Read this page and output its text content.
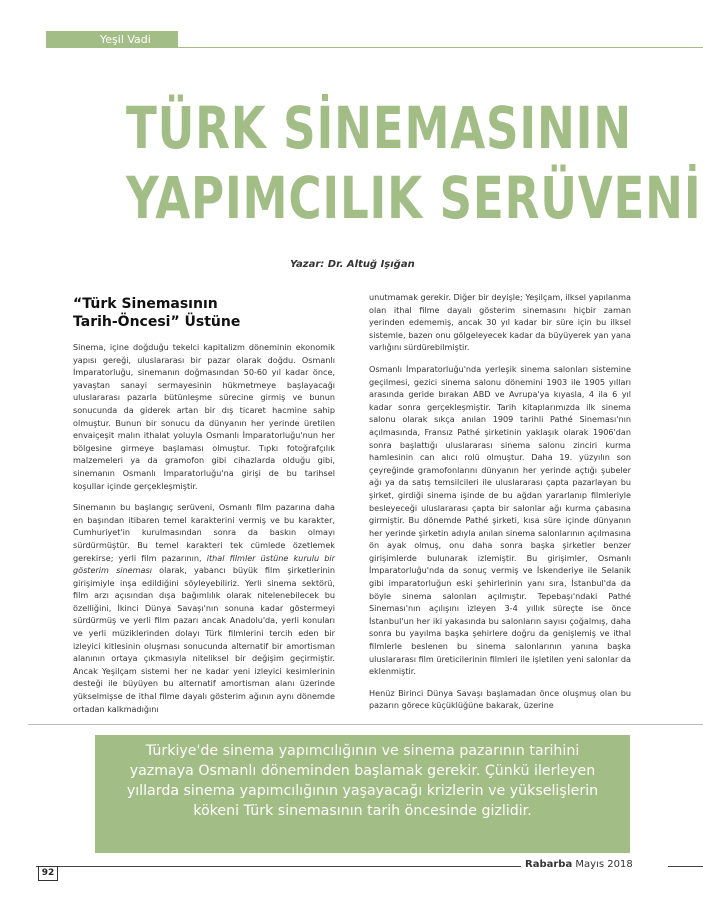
Yeşil Vadi
TÜRK SİNEMASININ
YAPIMCILIK SERÜVENİ
Yazar: Dr. Altuğ Işığan
“Türk Sinemasının
Tarih-Öncesi” Üstüne

Sinema, içine doğduğu tekelci kapitalizm döneminin ekonomik yapısı gereği, uluslararası bir pazar olarak doğdu. Osmanlı İmparatorluğu, sinemanın doğmasından 50-60 yıl kadar önce, yavaştan sanayi sermayesinin hükmetmeye başlayacağı uluslararası pazarla bütünleşme sürecine girmiş ve bunun sonucunda da giderek artan bir dış ticaret hacmine sahip olmuştur. Bunun bir sonucu da dünyanın her yerinde üretilen envaiçeşit malın ithalat yoluyla Osmanlı İmparatorluğu'nun her bölgesine girmeye başlaması olmuştur. Tıpkı fotoğrafçılık malzemeleri ya da gramofon gibi cihazlarda olduğu gibi, sinemanın Osmanlı İmparatorluğu'na girişi de bu tarihsel koşullar içinde gerçekleşmiştir.

Sinemanın bu başlangıç serüveni, Osmanlı film pazarına daha en başından itibaren temel karakterini vermiş ve bu karakter, Cumhuriyet'in kurulmasından sonra da baskın olmayı sürdürmüştür. Bu temel karakteri tek cümlede özetlemek gerekirse; yerli film pazarının, ithal filmler üstüne kurulu bir gösterim sineması olarak, yabancı büyük film şirketlerinin girişimiyle inşa edildiğini söyleyebiliriz. Yerli sinema sektörü, film arzı açısından dışa bağımlılık olarak nitelenebilecek bu özelliğini, İkinci Dünya Savaşı'nın sonuna kadar göstermeyi sürdürmüş ve yerli film pazarı ancak Anadolu'da, yerli konuları ve yerli müziklerinden dolayı Türk filmlerini tercih eden bir izleyici kitlesinin oluşması sonucunda alternatif bir amortisman alanının ortaya çıkmasıyla niteliksel bir değişim geçirmiştir. Ancak Yeşilçam sistemi her ne kadar yeni izleyici kesimlerinin desteği ile büyüyen bu alternatif amortisman alanı üzerinde yükselmişse de ithal filme dayalı gösterim ağının aynı dönemde ortadan kalkmadığını

unutmamak gerekir. Diğer bir deyişle; Yeşilçam, ilksel yapılanma olan ithal filme dayalı gösterim sinemasını hiçbir zaman yerinden edememiş, ancak 30 yıl kadar bir süre için bu ilksel sistemle, bazen onu gölgeleyecek kadar da büyüyerek yan yana varlığını sürdürebilmiştir.

Osmanlı İmparatorluğu'nda yerleşik sinema salonları sistemine geçilmesi, gezici sinema salonu dönemini 1903 ile 1905 yılları arasında geride bırakan ABD ve Avrupa'ya kıyasla, 4 ila 6 yıl kadar sonra gerçekleşmiştir. Tarih kitaplarımızda ilk sinema salonu olarak sıkça anılan 1909 tarihli Pathé Sineması'nın açılmasında, Fransız Pathé şirketinin yaklaşık olarak 1906'dan sonra başlattığı uluslararası sinema salonu zinciri kurma hamlesinin can alıcı rolü olmuştur. Daha 19. yüzyılın son çeyreğinde gramofonlarını dünyanın her yerinde açtığı şubeler ağı ya da satış temsilcileri ile uluslararası çapta pazarlayan bu şirket, girdiği sinema işinde de bu ağdan yararlanıp filmleriyle besleyeceği uluslararası çapta bir salonlar ağı kurma çabasına girmiştir. Bu dönemde Pathé şirketi, kısa süre içinde dünyanın her yerinde şirketin adıyla anılan sinema salonlarının açılmasına ön ayak olmuş, onu daha sonra başka şirketler benzer girişimlerde bulunarak izlemiştir. Bu girişimler, Osmanlı İmparatorluğu'nda da sonuç vermiş ve İskenderiye ile Selanik gibi imparatorluğun eski şehirlerinin yanı sıra, İstanbul'da da böyle sinema salonları açılmıştır. Tepebaşı'ndaki Pathé Sineması'nın açılışını izleyen 3-4 yıllık süreçte ise önce İstanbul'un her iki yakasında bu salonların sayısı çoğalmış, daha sonra bu yayılma başka şehirlere doğru da genişlemiş ve ithal filmlerle beslenen bu sinema salonlarının yanına başka uluslararası film üreticilerinin filmleri ile işletilen yeni salonlar da eklenmiştir.

Henüz Birinci Dünya Savaşı başlamadan önce oluşmuş olan bu pazarın görece küçüklüğüne bakarak, üzerine

Türkiye'de sinema yapımcılığının ve sinema pazarının tarihini
yazmaya Osmanlı döneminden başlamak gerekir. Çünkü ilerleyen
yıllarda sinema yapımcılığının yaşayacağı krizlerin ve yükselişlerin
kökeni Türk sinemasının tarih öncesinde gizlidir.
92
Rabarba Mayıs 2018
